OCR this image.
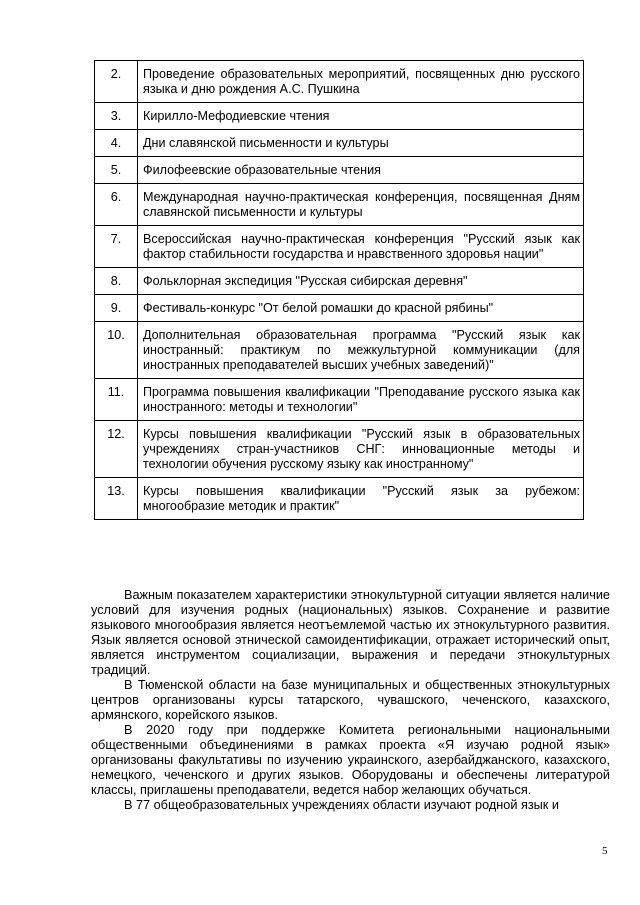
2.	Проведение образовательных мероприятий, посвященных дню русского языка и дню рождения А.С. Пушкина
3.	Кирилло-Мефодиевские чтения
4.	Дни славянской письменности и культуры
5.	Филофеевские образовательные чтения
6.	Международная научно-практическая конференция, посвященная Дням славянской письменности и культуры
7.	Всероссийская научно-практическая конференция "Русский язык как фактор стабильности государства и нравственного здоровья нации"
8.	Фольклорная экспедиция "Русская сибирская деревня"
9.	Фестиваль-конкурс "От белой ромашки до красной рябины"
10.	Дополнительная образовательная программа "Русский язык как иностранный: практикум по межкультурной коммуникации (для иностранных преподавателей высших учебных заведений)"
11.	Программа повышения квалификации "Преподавание русского языка как иностранного: методы и технологии"
12.	Курсы повышения квалификации "Русский язык в образовательных учреждениях стран-участников СНГ: инновационные методы и технологии обучения русскому языку как иностранному"
13.	Курсы повышения квалификации "Русский язык за рубежом: многообразие методик и практик"

Важным показателем характеристики этнокультурной ситуации является наличие условий для изучения родных (национальных) языков. Сохранение и развитие языкового многообразия является неотъемлемой частью их этнокультурного развития. Язык является основой этнической самоидентификации, отражает исторический опыт, является инструментом социализации, выражения и передачи этнокультурных традиций.

В Тюменской области на базе муниципальных и общественных этнокультурных центров организованы курсы татарского, чувашского, чеченского, казахского, армянского, корейского языков.

В 2020 году при поддержке Комитета региональными национальными общественными объединениями в рамках проекта «Я изучаю родной язык» организованы факультативы по изучению украинского, азербайджанского, казахского, немецкого, чеченского и других языков. Оборудованы и обеспечены литературой классы, приглашены преподаватели, ведется набор желающих обучаться.

В 77 общеобразовательных учреждениях области изучают родной язык и

5
